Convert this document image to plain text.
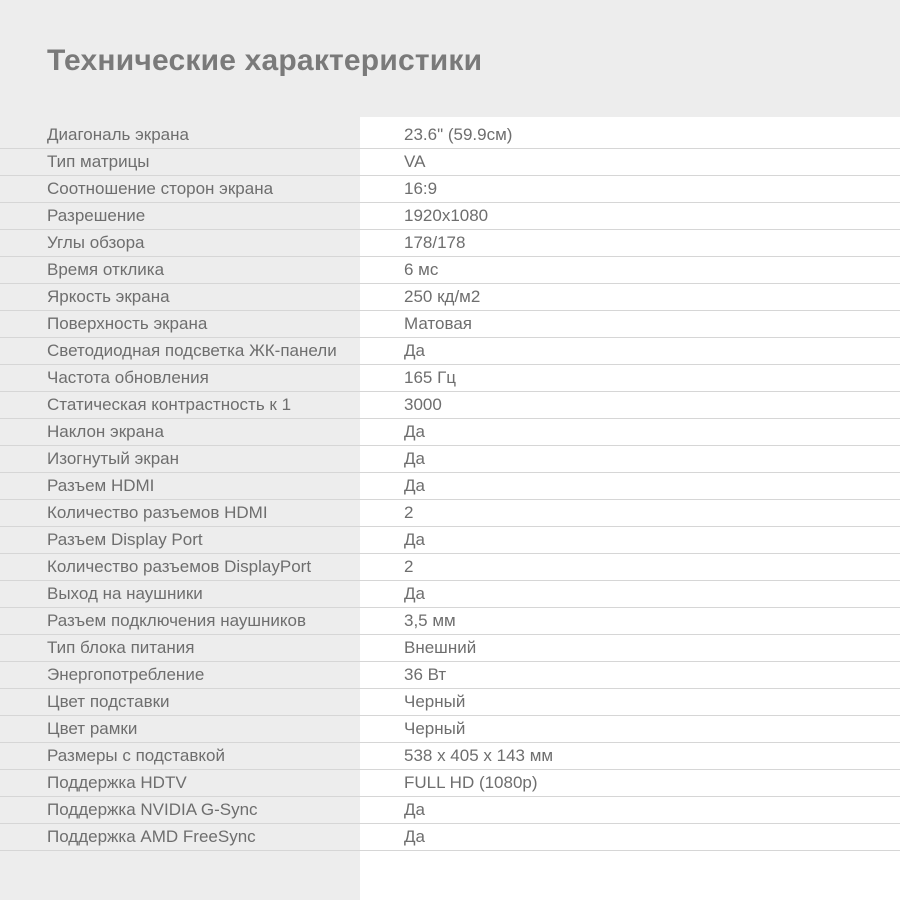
Технические характеристики
Диагональ экрана	23.6" (59.9см)
Тип матрицы	VA
Соотношение сторон экрана	16:9
Разрешение	1920x1080
Углы обзора	178/178
Время отклика	6 мс
Яркость экрана	250 кд/м2
Поверхность экрана	Матовая
Светодиодная подсветка ЖК-панели	Да
Частота обновления	165 Гц
Статическая контрастность к 1	3000
Наклон экрана	Да
Изогнутый экран	Да
Разъем HDMI	Да
Количество разъемов HDMI	2
Разъем Display Port	Да
Количество разъемов DisplayPort	2
Выход на наушники	Да
Разъем подключения наушников	3,5 мм
Тип блока питания	Внешний
Энергопотребление	36 Вт
Цвет подставки	Черный
Цвет рамки	Черный
Размеры с подставкой	538 x 405 x 143 мм
Поддержка HDTV	FULL HD (1080p)
Поддержка NVIDIA G-Sync	Да
Поддержка AMD FreeSync	Да
